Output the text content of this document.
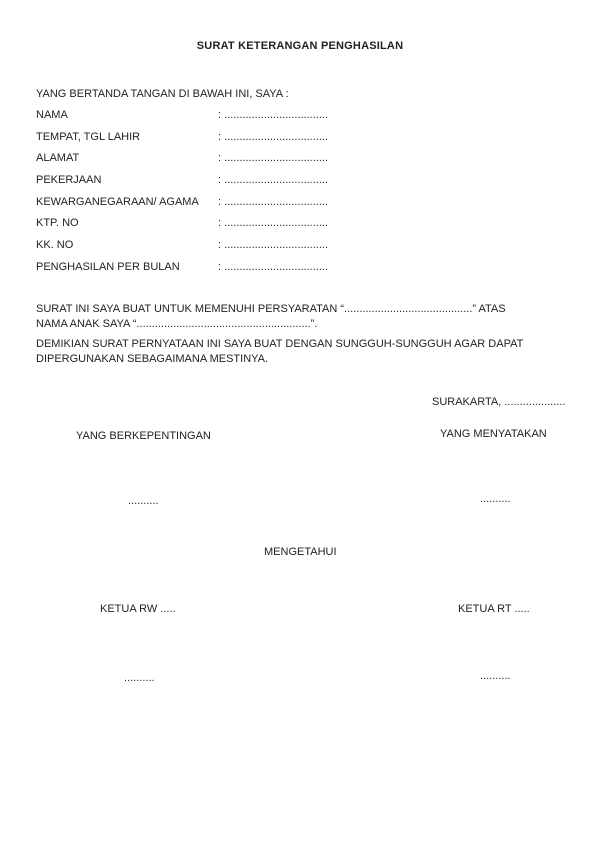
SURAT KETERANGAN PENGHASILAN
YANG BERTANDA TANGAN DI BAWAH INI, SAYA :
NAMA	: ..................................
TEMPAT, TGL LAHIR	: ..................................
ALAMAT	: ..................................
PEKERJAAN	: ..................................
KEWARGANEGARAAN/ AGAMA : ..................................
KTP. NO	: ..................................
KK. NO	: ..................................
PENGHASILAN PER BULAN	: ..................................
SURAT INI SAYA BUAT UNTUK MEMENUHI PERSYARATAN “..........................................” ATAS
NAMA ANAK SAYA “.........................................................”.
DEMIKIAN SURAT PERNYATAAN INI SAYA BUAT DENGAN SUNGGUH-SUNGGUH AGAR DAPAT
DIPERGUNAKAN SEBAGAIMANA MESTINYA.
SURAKARTA, ....................
YANG BERKEPENTINGAN	YANG MENYATAKAN
..........	..........
MENGETAHUI
KETUA RW .....	KETUA RT .....
..........	..........
